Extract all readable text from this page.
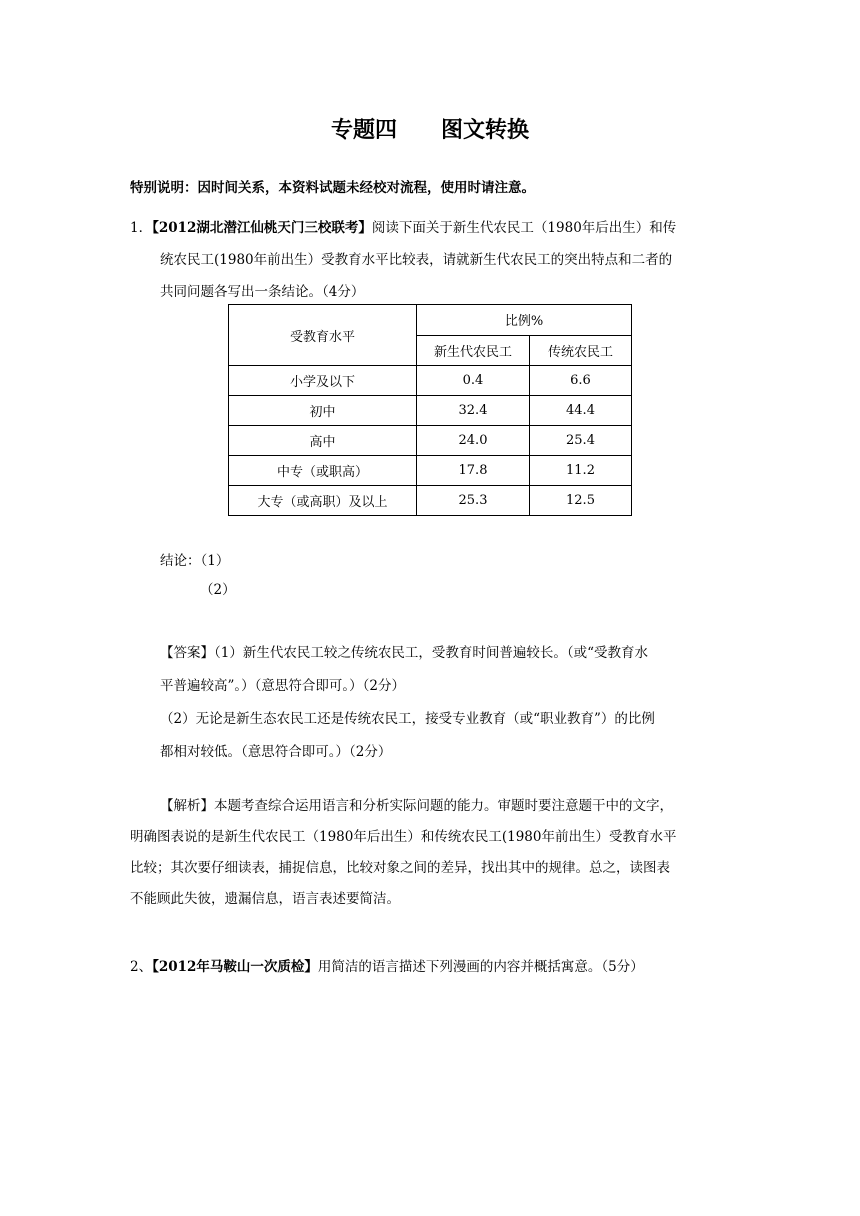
专题四　　图文转换
特别说明：因时间关系，本资料试题未经校对流程，使用时请注意。
1．【2012湖北潜江仙桃天门三校联考】阅读下面关于新生代农民工（1980年后出生）和传
统农民工(1980年前出生）受教育水平比较表，请就新生代农民工的突出特点和二者的
共同问题各写出一条结论。（4分）
受教育水平	比例%	
	新生代农民工	传统农民工
小学及以下	0.4	6.6
初中	32.4	44.4
高中	24.0	25.4
中专（或职高）	17.8	11.2
大专（或高职）及以上	25.3	12.5
结论：（1）
（2）
【答案】（1）新生代农民工较之传统农民工，受教育时间普遍较长。（或“受教育水
平普遍较高”。）（意思符合即可。）（2分）
（2）无论是新生态农民工还是传统农民工，接受专业教育（或“职业教育”）的比例
都相对较低。（意思符合即可。）（2分）
【解析】本题考查综合运用语言和分析实际问题的能力。审题时要注意题干中的文字，
明确图表说的是新生代农民工（1980年后出生）和传统农民工(1980年前出生）受教育水平
比较；其次要仔细读表，捕捉信息，比较对象之间的差异，找出其中的规律。总之，读图表
不能顾此失彼，遗漏信息，语言表述要简洁。
2、【2012年马鞍山一次质检】用简洁的语言描述下列漫画的内容并概括寓意。（5分）
